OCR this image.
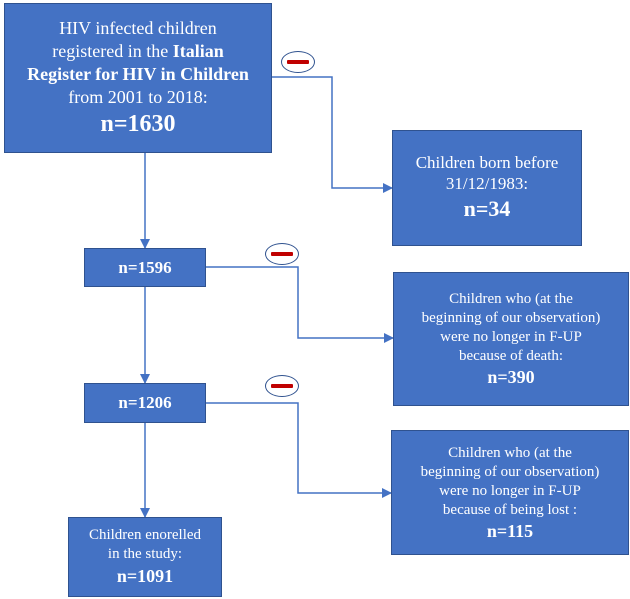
HIV infected children
registered in the Italian
Register for HIV in Children
from 2001 to 2018:
n=1630
Children born before
31/12/1983:
n=34
n=1596
Children who (at the
beginning of our observation)
were no longer in F-UP
because of death:
n=390
n=1206
Children who (at the
beginning of our observation)
were no longer in F-UP
because of being lost :
n=115
Children enorelled
in the study:
n=1091
